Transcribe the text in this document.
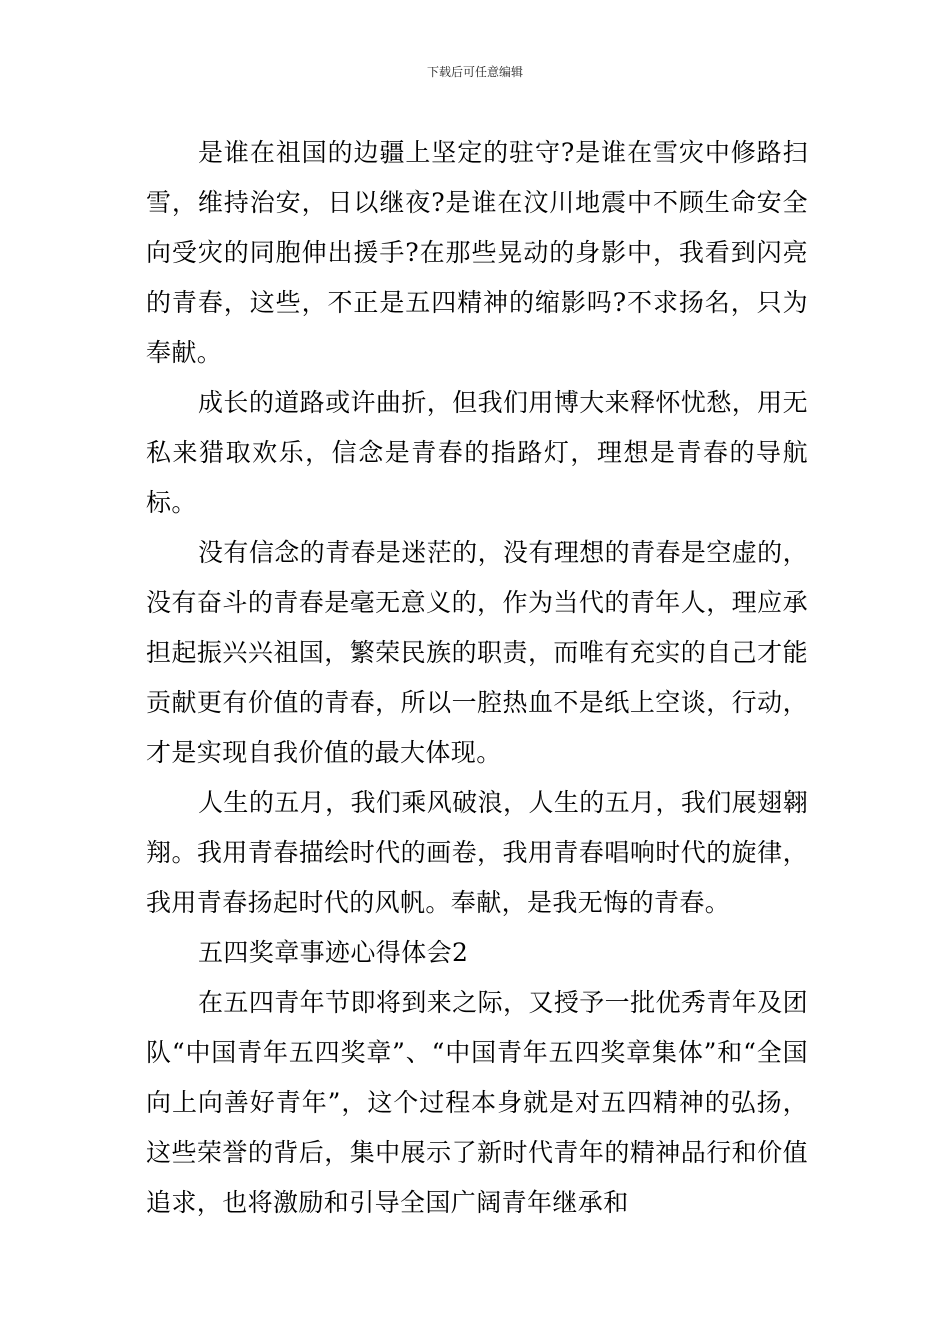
下载后可任意编辑

是谁在祖国的边疆上坚定的驻守?是谁在雪灾中修路扫雪，维持治安，日以继夜?是谁在汶川地震中不顾生命安全向受灾的同胞伸出援手?在那些晃动的身影中，我看到闪亮的青春，这些，不正是五四精神的缩影吗?不求扬名，只为奉献。

成长的道路或许曲折，但我们用博大来释怀忧愁，用无私来猎取欢乐，信念是青春的指路灯，理想是青春的导航标。

没有信念的青春是迷茫的，没有理想的青春是空虚的，没有奋斗的青春是毫无意义的，作为当代的青年人，理应承担起振兴兴祖国，繁荣民族的职责，而唯有充实的自己才能贡献更有价值的青春，所以一腔热血不是纸上空谈，行动，才是实现自我价值的最大体现。

人生的五月，我们乘风破浪，人生的五月，我们展翅翱翔。我用青春描绘时代的画卷，我用青春唱响时代的旋律，我用青春扬起时代的风帆。奉献，是我无悔的青春。

五四奖章事迹心得体会2

在五四青年节即将到来之际，又授予一批优秀青年及团队“中国青年五四奖章”、“中国青年五四奖章集体”和“全国向上向善好青年”，这个过程本身就是对五四精神的弘扬，这些荣誉的背后，集中展示了新时代青年的精神品行和价值追求，也将激励和引导全国广阔青年继承和
